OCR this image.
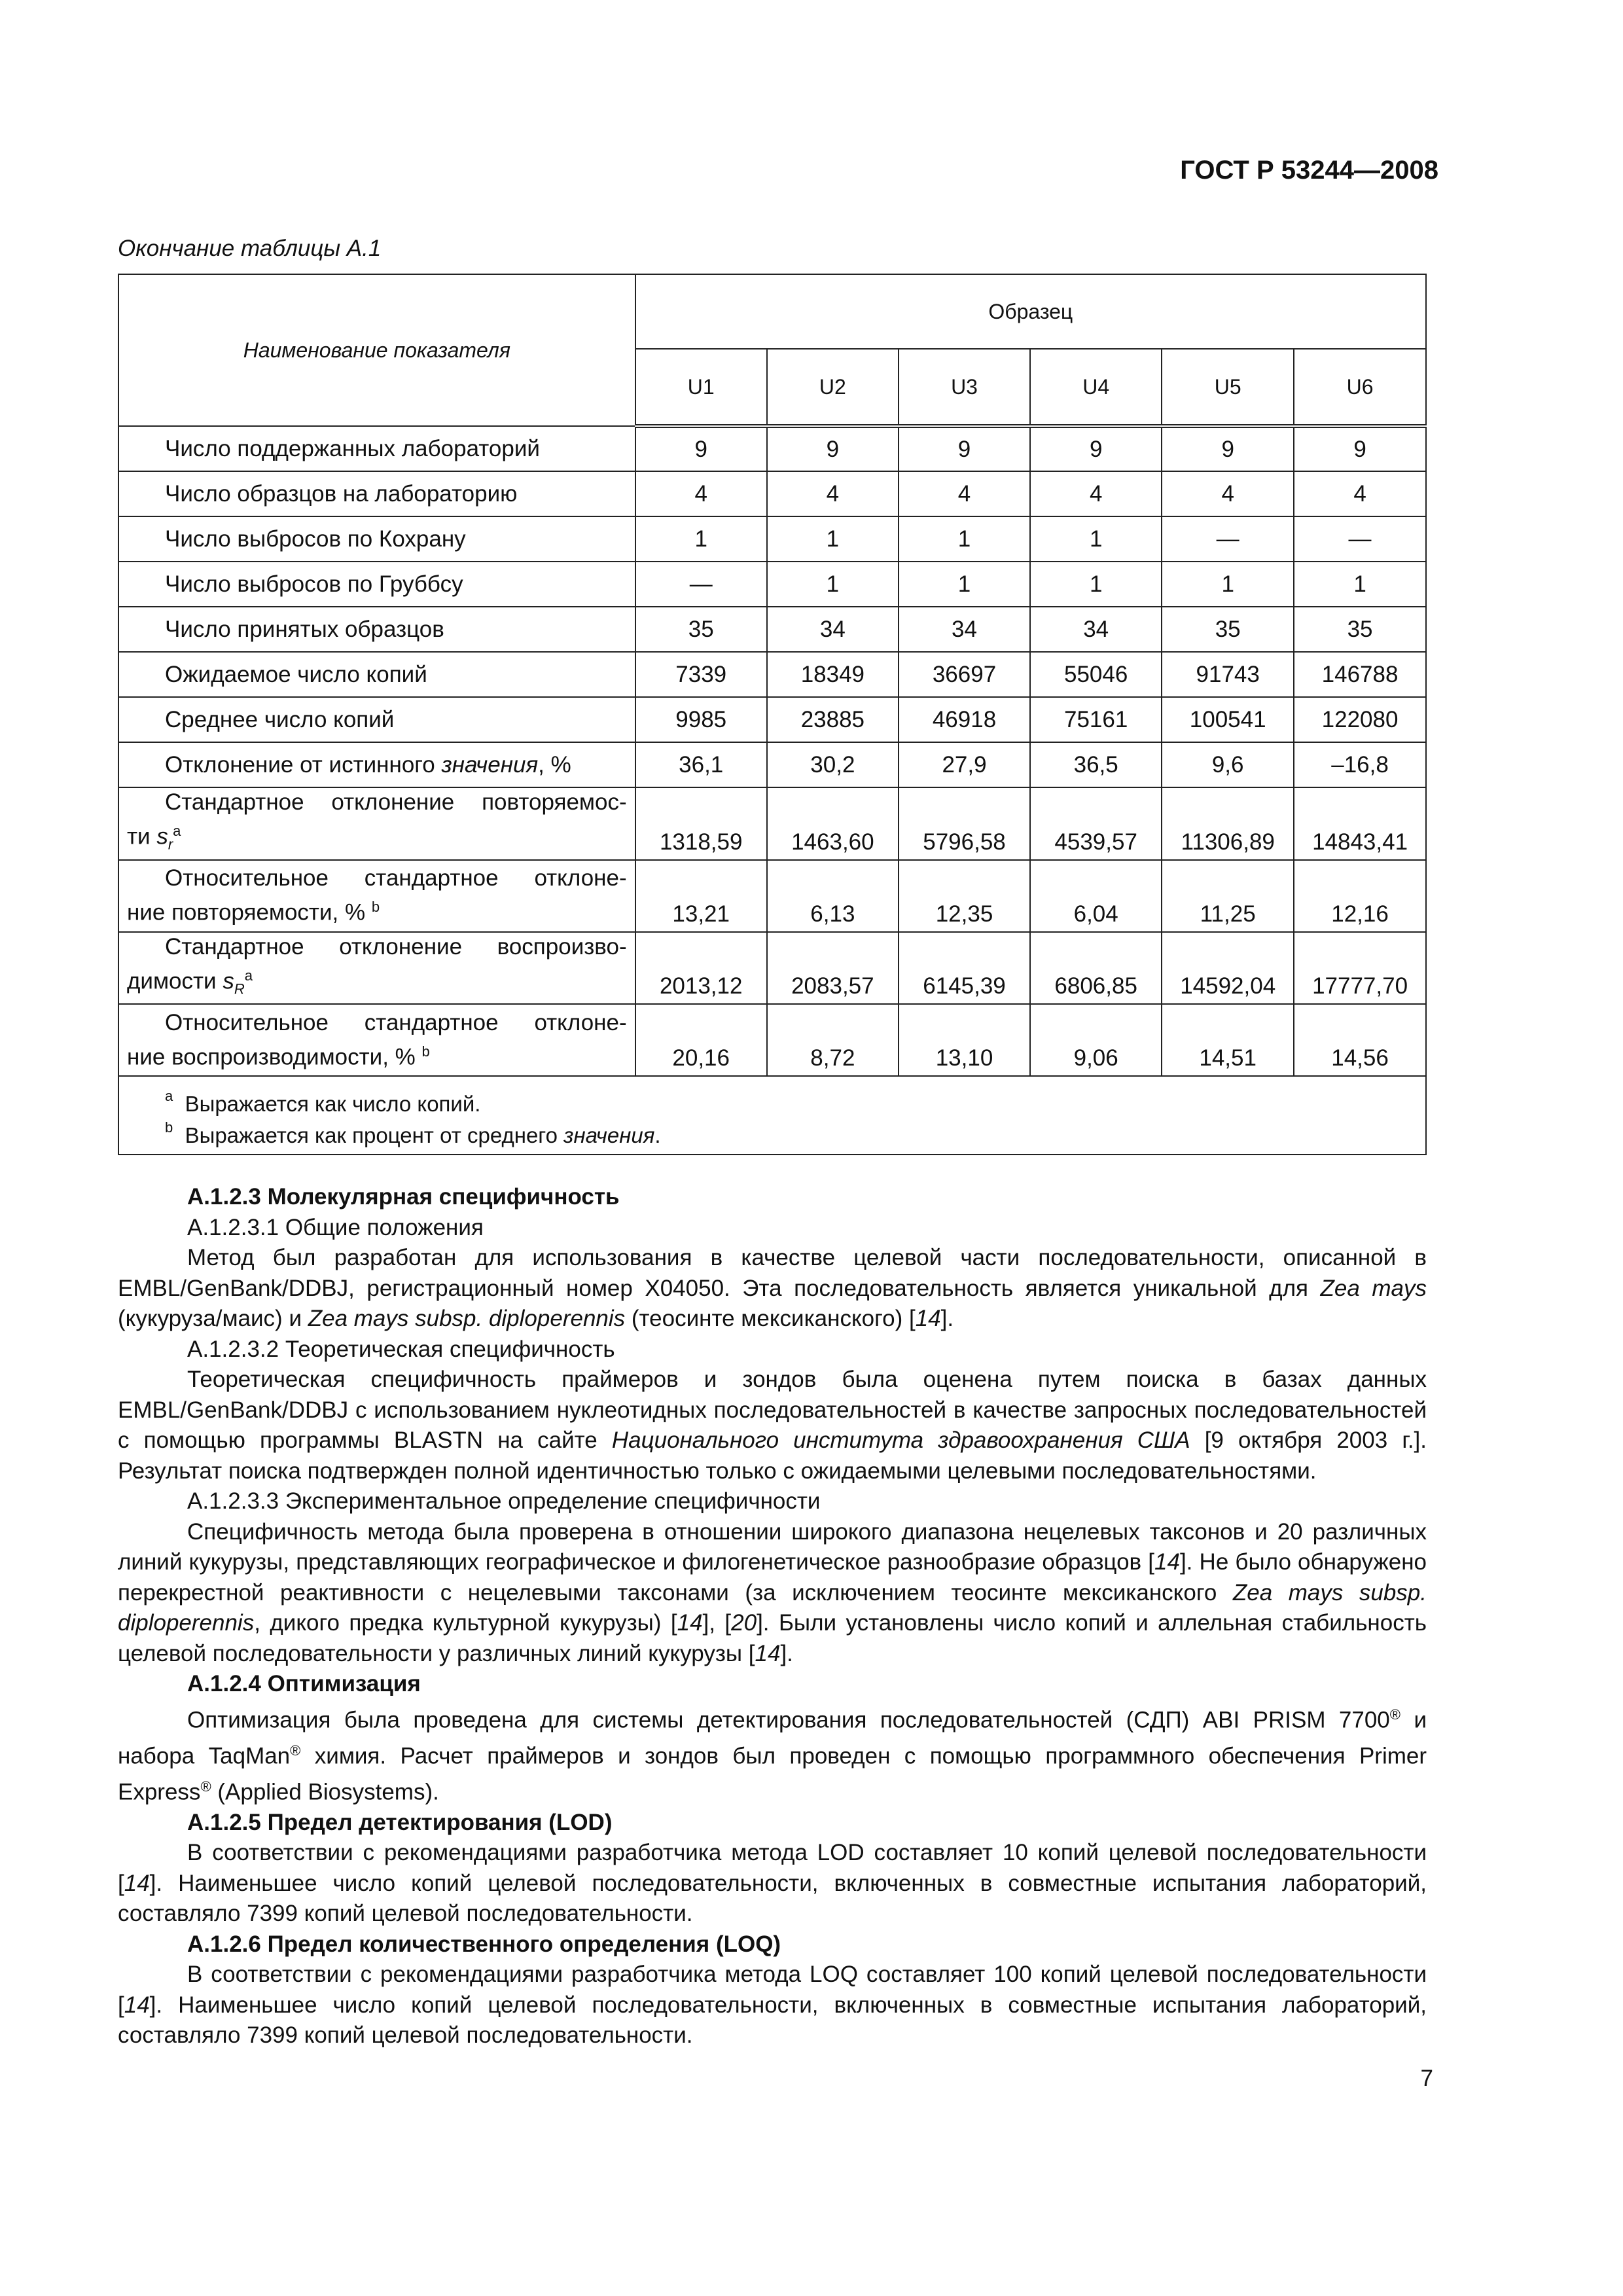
ГОСТ Р 53244—2008
Окончание таблицы А.1
Наименование показателя	Образец					
	U1	U2	U3	U4	U5	U6
Число поддержанных лабораторий	9	9	9	9	9	9
Число образцов на лабораторию	4	4	4	4	4	4
Число выбросов по Кохрану	1	1	1	1	—	—
Число выбросов по Груббсу	—	1	1	1	1	1
Число принятых образцов	35	34	34	34	35	35
Ожидаемое число копий	7339	18349	36697	55046	91743	146788
Среднее число копий	9985	23885	46918	75161	100541	122080
Отклонение от истинного значения, %	36,1	30,2	27,9	36,5	9,6	–16,8

Стандартное отклонение повторяемос-
ти $s_r^a$	1318,59	1463,60	5796,58	4539,57	11306,89	14843,41

Относительное стандартное отклоне-
ние повторяемости, % $^b$	13,21	6,13	12,35	6,04	11,25	12,16

Стандартное отклонение воспроизво-
димости $s_R^a$	2013,12	2083,57	6145,39	6806,85	14592,04	17777,70

Относительное стандартное отклоне-
ние воспроизводимости, % $^b$	20,16	8,72	13,10	9,06	14,51	14,56

$^a$ Выражается как число копий.
$^b$ Выражается как процент от среднего значения.						

А.1.2.3 Молекулярная специфичность

А.1.2.3.1 Общие положения

Метод был разработан для использования в качестве целевой части последовательности, описанной в EMBL/GenBank/DDBJ, регистрационный номер X04050. Эта последовательность является уникальной для Zea mays (кукуруза/маис) и Zea mays subsp. diploperennis (теосинте мексиканского) [14].

А.1.2.3.2 Теоретическая специфичность

Теоретическая специфичность праймеров и зондов была оценена путем поиска в базах данных EMBL/GenBank/DDBJ с использованием нуклеотидных последовательностей в качестве запросных последовательностей с помощью программы BLASTN на сайте Национального института здравоохранения США [9 октября 2003 г.]. Результат поиска подтвержден полной идентичностью только с ожидаемыми целевыми последовательностями.

А.1.2.3.3 Экспериментальное определение специфичности

Специфичность метода была проверена в отношении широкого диапазона нецелевых таксонов и 20 различных линий кукурузы, представляющих географическое и филогенетическое разнообразие образцов [14]. Не было обнаружено перекрестной реактивности с нецелевыми таксонами (за исключением теосинте мексиканского Zea mays subsp. diploperennis, дикого предка культурной кукурузы) [14], [20]. Были установлены число копий и аллельная стабильность целевой последовательности у различных линий кукурузы [14].

А.1.2.4 Оптимизация

Оптимизация была проведена для системы детектирования последовательностей (СДП) ABI PRISM 7700® и набора TaqMan® химия. Расчет праймеров и зондов был проведен с помощью программного обеспечения Primer Express® (Applied Biosystems).

А.1.2.5 Предел детектирования (LOD)

В соответствии с рекомендациями разработчика метода LOD составляет 10 копий целевой последовательности [14]. Наименьшее число копий целевой последовательности, включенных в совместные испытания лабораторий, составляло 7399 копий целевой последовательности.

А.1.2.6 Предел количественного определения (LOQ)

В соответствии с рекомендациями разработчика метода LOQ составляет 100 копий целевой последовательности [14]. Наименьшее число копий целевой последовательности, включенных в совместные испытания лабораторий, составляло 7399 копий целевой последовательности.

7
